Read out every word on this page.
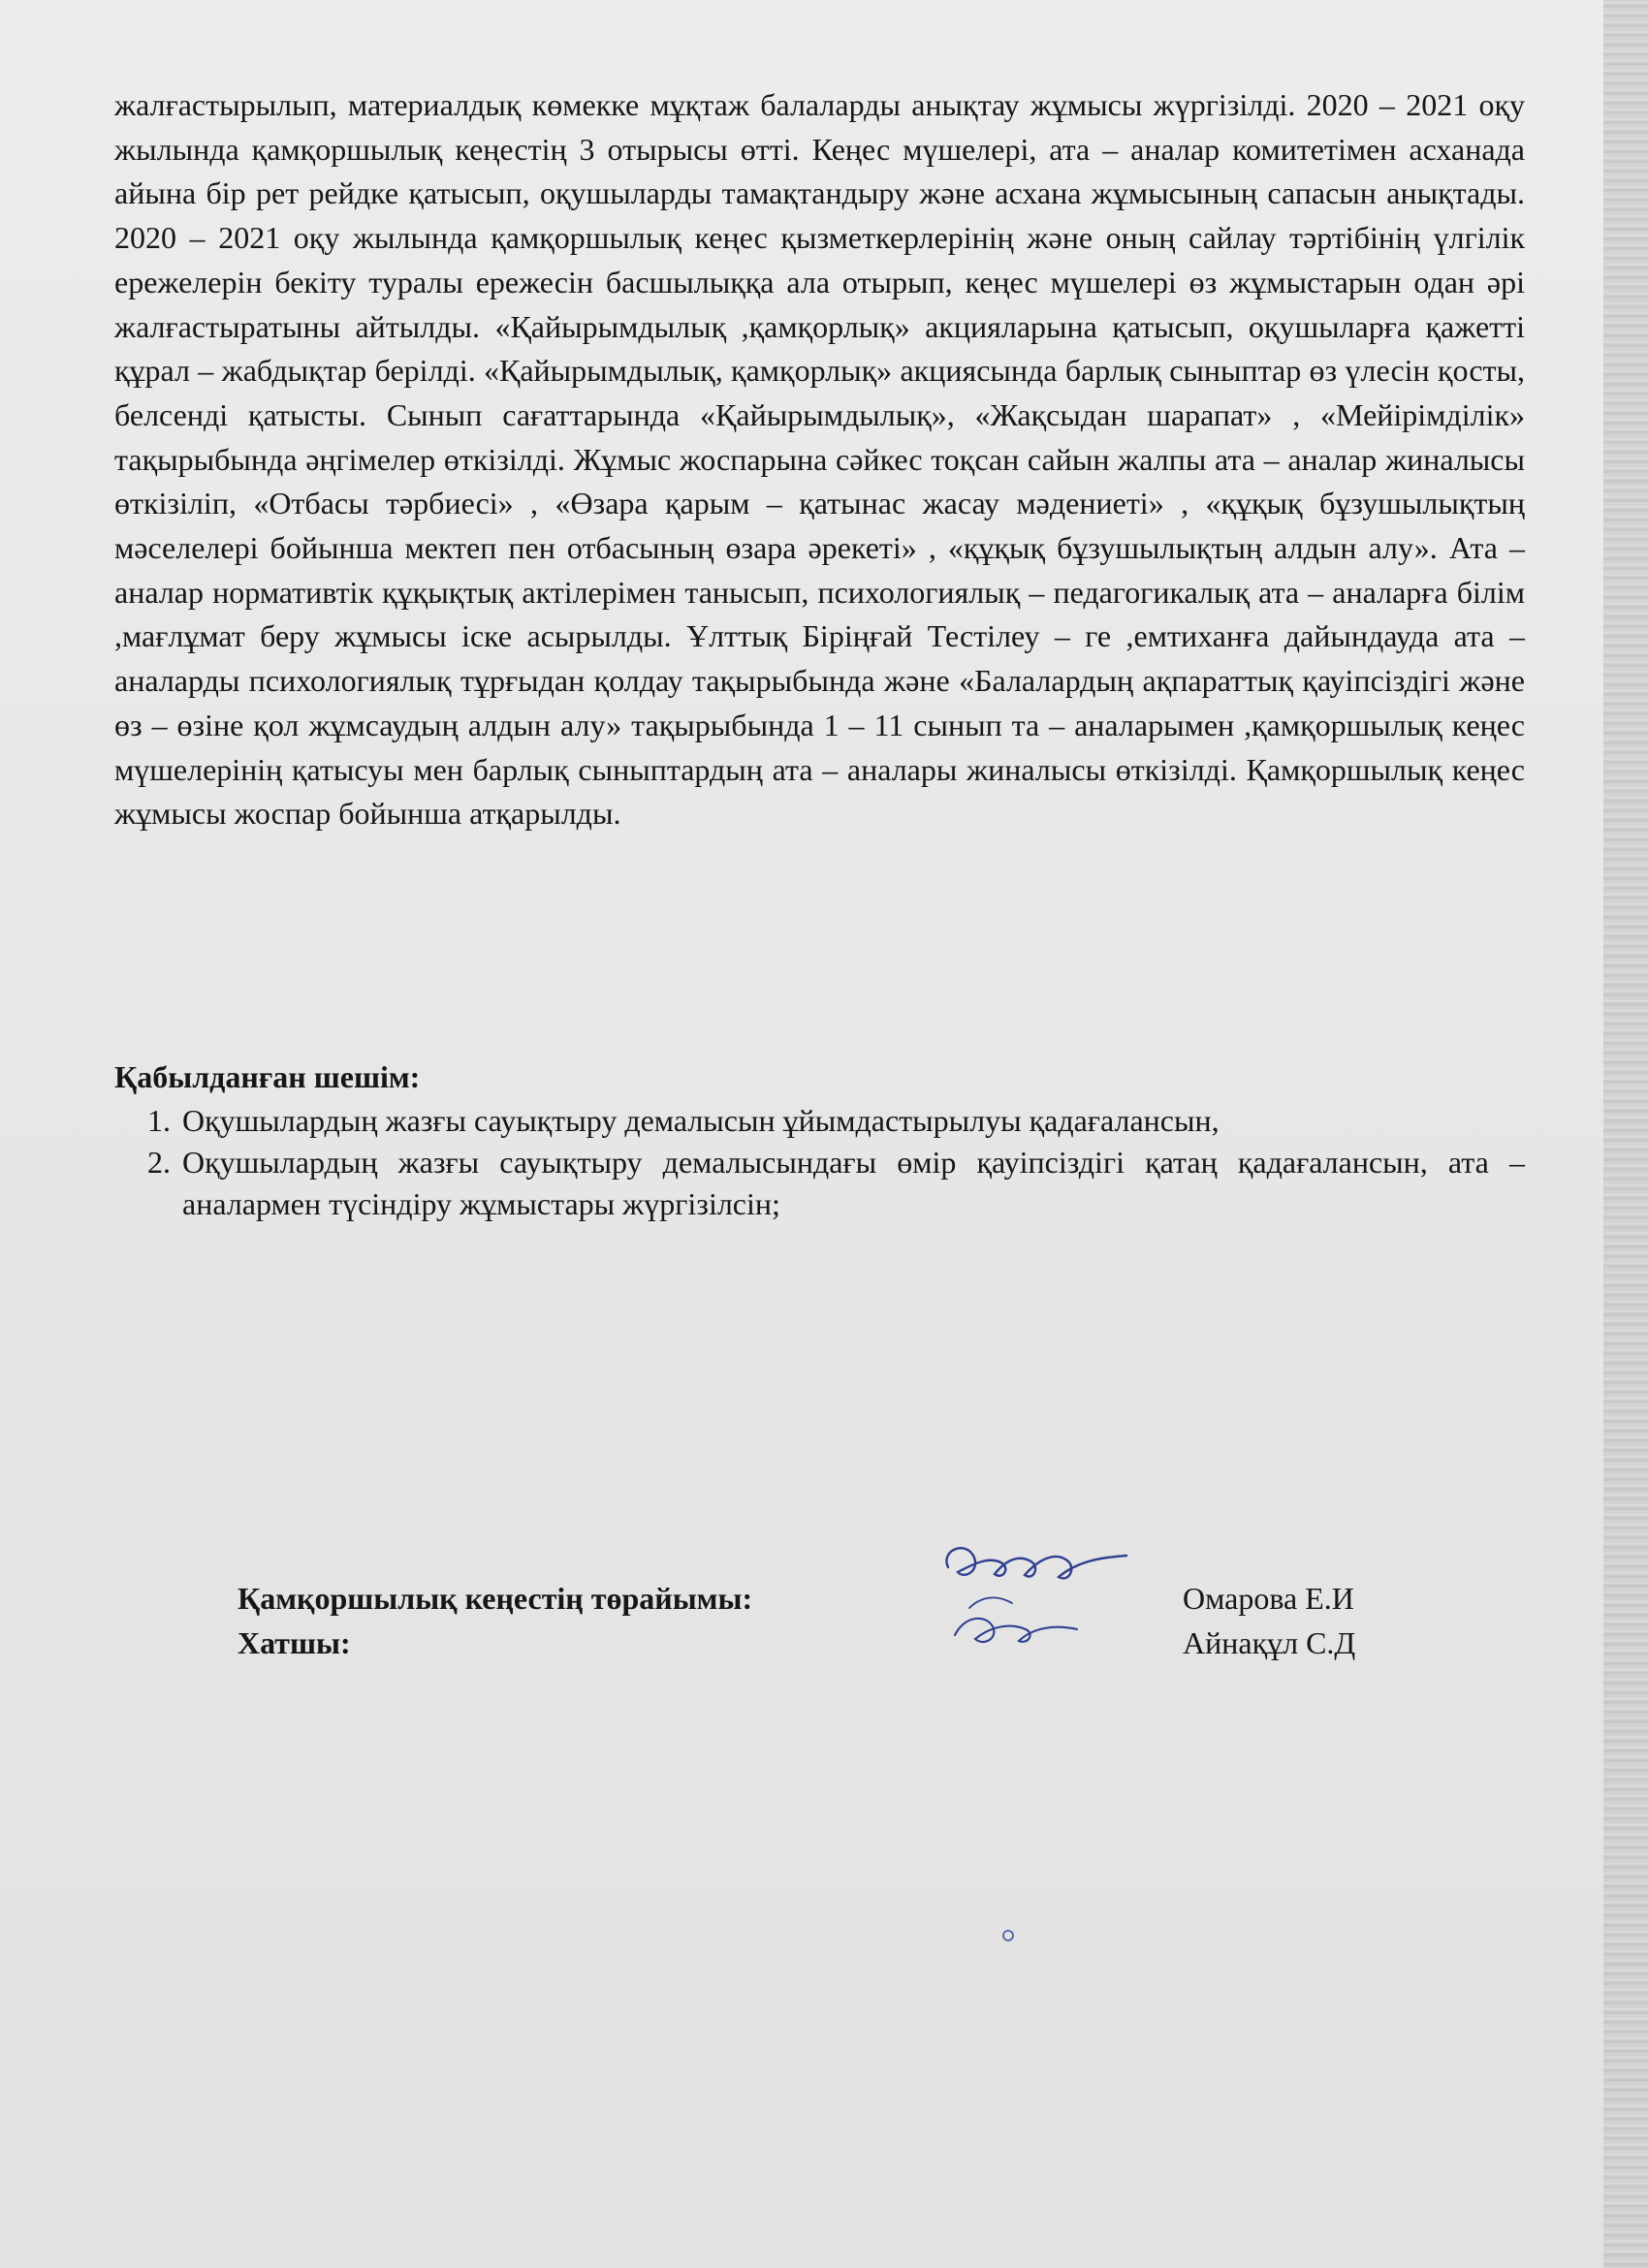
жалғастырылып, материалдық көмекке мұқтаж балаларды анықтау жұмысы жүргізілді. 2020 – 2021 оқу жылында қамқоршылық кеңестің 3 отырысы өтті. Кеңес мүшелері, ата – аналар комитетімен асханада айына бір рет рейдке қатысып, оқушыларды тамақтандыру және асхана жұмысының сапасын анықтады. 2020 – 2021 оқу жылында қамқоршылық кеңес қызметкерлерінің және оның сайлау тәртібінің үлгілік ережелерін бекіту туралы ережесін басшылыққа ала отырып, кеңес мүшелері өз жұмыстарын одан әрі жалғастыратыны айтылды. «Қайырымдылық ,қамқорлық» акцияларына қатысып, оқушыларға қажетті құрал – жабдықтар берілді. «Қайырымдылық, қамқорлық» акциясында барлық сыныптар өз үлесін қосты, белсенді қатысты. Сынып сағаттарында «Қайырымдылық», «Жақсыдан шарапат» , «Мейірімділік» тақырыбында әңгімелер өткізілді. Жұмыс жоспарына сәйкес тоқсан сайын жалпы ата – аналар жиналысы өткізіліп, «Отбасы тәрбиесі» , «Өзара қарым – қатынас жасау мәдениеті» , «құқық бұзушылықтың мәселелері бойынша мектеп пен отбасының өзара әрекеті» , «құқық бұзушылықтың алдын алу». Ата – аналар нормативтік құқықтық актілерімен танысып, психологиялық – педагогикалық ата – аналарға білім ,мағлұмат беру жұмысы іске асырылды. Ұлттық Біріңғай Тестілеу – ге ,емтиханға дайындауда ата – аналарды психологиялық тұрғыдан қолдау тақырыбында және «Балалардың ақпараттық қауіпсіздігі және өз – өзіне қол жұмсаудың алдын алу» тақырыбында 1 – 11 сынып та – аналарымен ,қамқоршылық кеңес мүшелерінің қатысуы мен барлық сыныптардың ата – аналары жиналысы өткізілді. Қамқоршылық кеңес жұмысы жоспар бойынша атқарылды.

Қабылданған шешім:
1. Оқушылардың жазғы сауықтыру демалысын ұйымдастырылуы қадағалансын,
2. Оқушылардың жазғы сауықтыру демалысындағы өмір қауіпсіздігі қатаң қадағалансын, ата – аналармен түсіндіру жұмыстары жүргізілсін;
Қамқоршылық кеңестің төрайымы:	Омарова Е.И
Хатшы:	Айнақұл С.Д
